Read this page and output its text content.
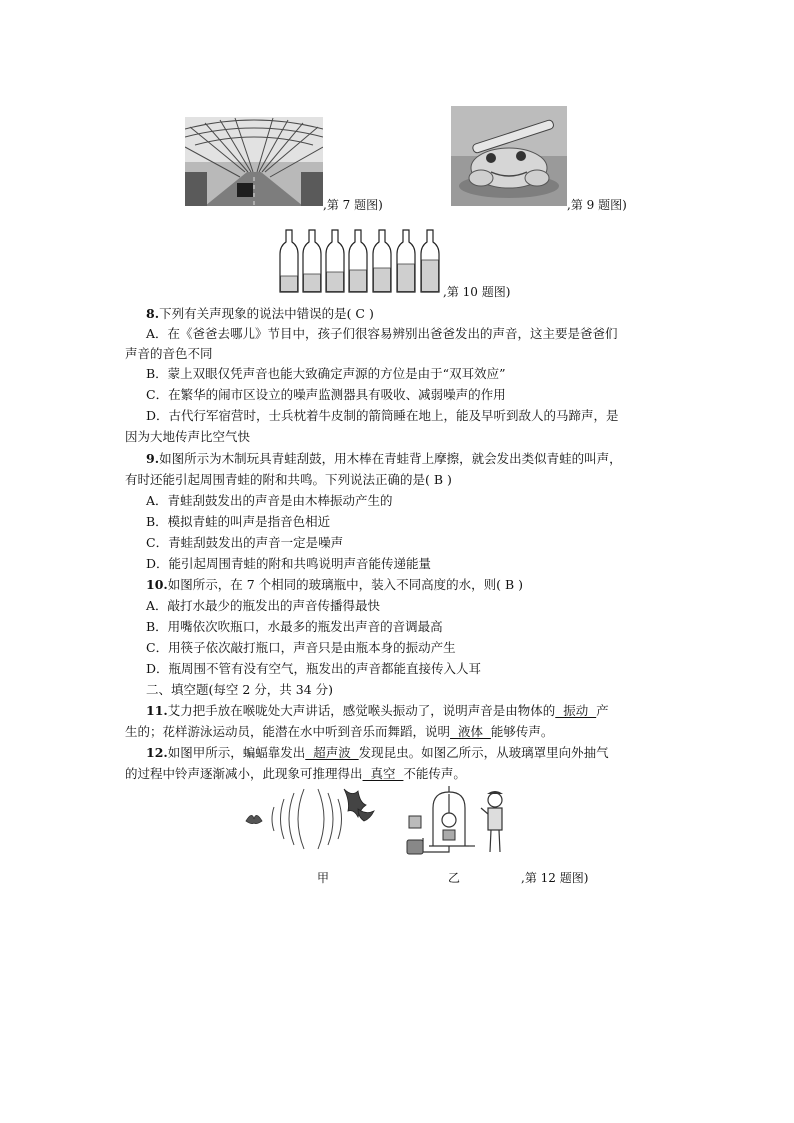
,第 7 题图)	,第 9 题图)
,第 10 题图)
8.下列有关声现象的说法中错误的是( C )
A．在《爸爸去哪儿》节目中，孩子们很容易辨别出爸爸发出的声音，这主要是爸爸们
声音的音色不同
B．蒙上双眼仅凭声音也能大致确定声源的方位是由于“双耳效应”
C．在繁华的闹市区设立的噪声监测器具有吸收、减弱噪声的作用
D．古代行军宿营时，士兵枕着牛皮制的箭筒睡在地上，能及早听到敌人的马蹄声，是
因为大地传声比空气快
9.如图所示为木制玩具青蛙刮鼓，用木棒在青蛙背上摩擦，就会发出类似青蛙的叫声，
有时还能引起周围青蛙的附和共鸣。下列说法正确的是( B )
A．青蛙刮鼓发出的声音是由木棒振动产生的
B．模拟青蛙的叫声是指音色相近
C．青蛙刮鼓发出的声音一定是噪声
D．能引起周围青蛙的附和共鸣说明声音能传递能量
10.如图所示，在 7 个相同的玻璃瓶中，装入不同高度的水，则( B )
A．敲打水最少的瓶发出的声音传播得最快
B．用嘴依次吹瓶口，水最多的瓶发出声音的音调最高
C．用筷子依次敲打瓶口，声音只是由瓶本身的振动产生
D．瓶周围不管有没有空气，瓶发出的声音都能直接传入人耳
二、填空题(每空 2 分，共 34 分)
11.艾力把手放在喉咙处大声讲话，感觉喉头振动了，说明声音是由物体的  振动  产
生的；花样游泳运动员，能潜在水中听到音乐而舞蹈，说明  液体  能够传声。
12.如图甲所示，蝙蝠靠发出  超声波  发现昆虫。如图乙所示，从玻璃罩里向外抽气
的过程中铃声逐渐减小，此现象可推理得出  真空  不能传声。
甲	乙	,第 12 题图)
